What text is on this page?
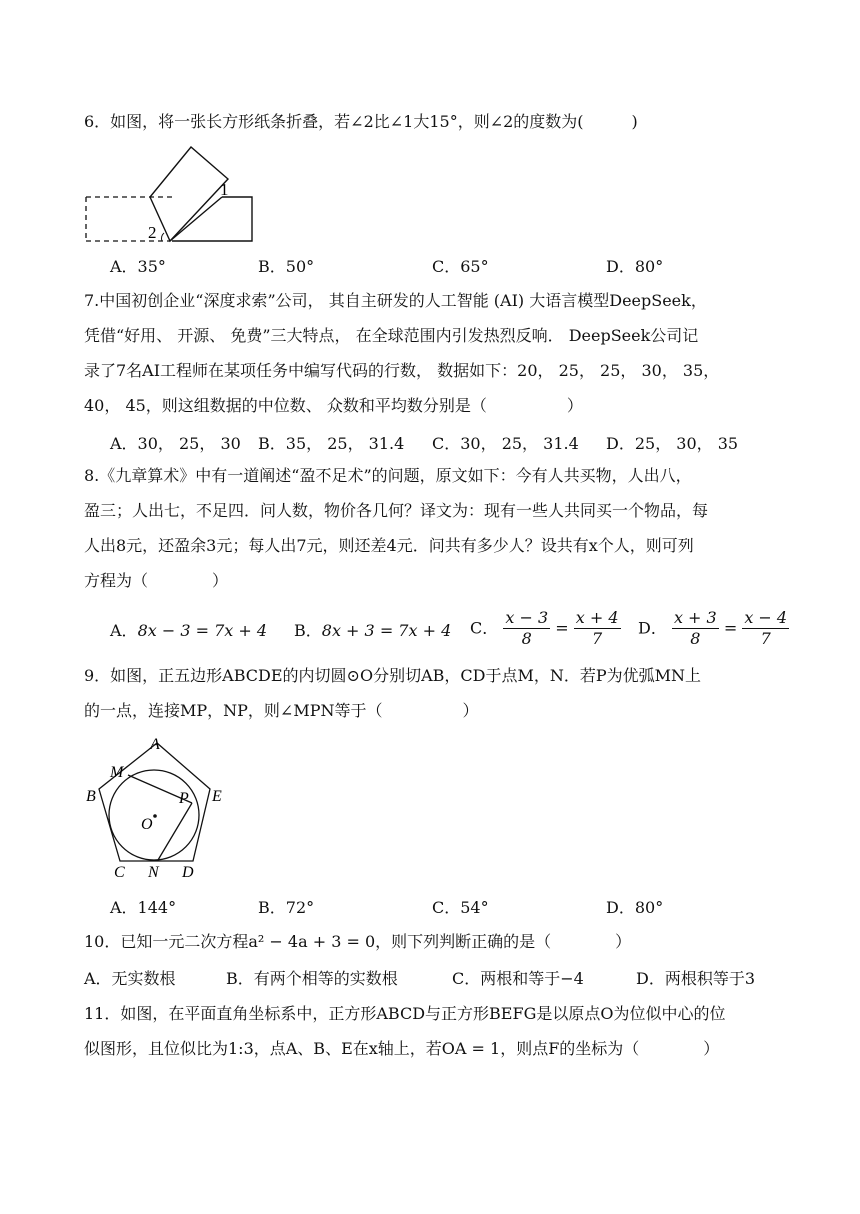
6．如图，将一张长方形纸条折叠，若∠2比∠1大15°，则∠2的度数为(　　　)
1
2
A．35°	B．50°	C．65°	D．80°
7.中国初创企业“深度求索”公司， 其自主研发的人工智能 (AI) 大语言模型DeepSeek，
凭借“好用、 开源、 免费”三大特点， 在全球范围内引发热烈反响． DeepSeek公司记
录了7名AI工程师在某项任务中编写代码的行数， 数据如下：20， 25， 25， 30， 35，
40， 45，则这组数据的中位数、 众数和平均数分别是（　　　　　）
A．30， 25， 30 B．35， 25， 31.4 C．30， 25， 31.4 D．25， 30， 35
8.《九章算术》中有一道阐述“盈不足术”的问题，原文如下：今有人共买物，人出八，
盈三；人出七，不足四．问人数，物价各几何？译文为：现有一些人共同买一个物品，每
人出8元，还盈余3元；每人出7元，则还差4元．问共有多少人？设共有x个人，则可列
方程为（　　　　）
A．8x − 3 = 7x + 4 B．8x + 3 = 7x + 4 C． $\frac{x - 3}{8} = \frac{x + 4}{7}$ D． $\frac{x + 3}{8} = \frac{x - 4}{7}$
9．如图，正五边形ABCDE的内切圆⊙O分别切AB，CD于点M，N．若P为优弧MN上
的一点，连接MP，NP，则∠MPN等于（　　　　　）
A
B
C	D
E
M
N
P
O
A．144°	B．72°	C．54°	D．80°
10．已知一元二次方程a² − 4a + 3 = 0，则下列判断正确的是（　　　　）
A．无实数根	B．有两个相等的实数根	C．两根和等于−4	D．两根积等于3
11．如图，在平面直角坐标系中，正方形ABCD与正方形BEFG是以原点O为位似中心的位
似图形，且位似比为1:3，点A、B、E在x轴上，若OA = 1，则点F的坐标为（　　　　）
